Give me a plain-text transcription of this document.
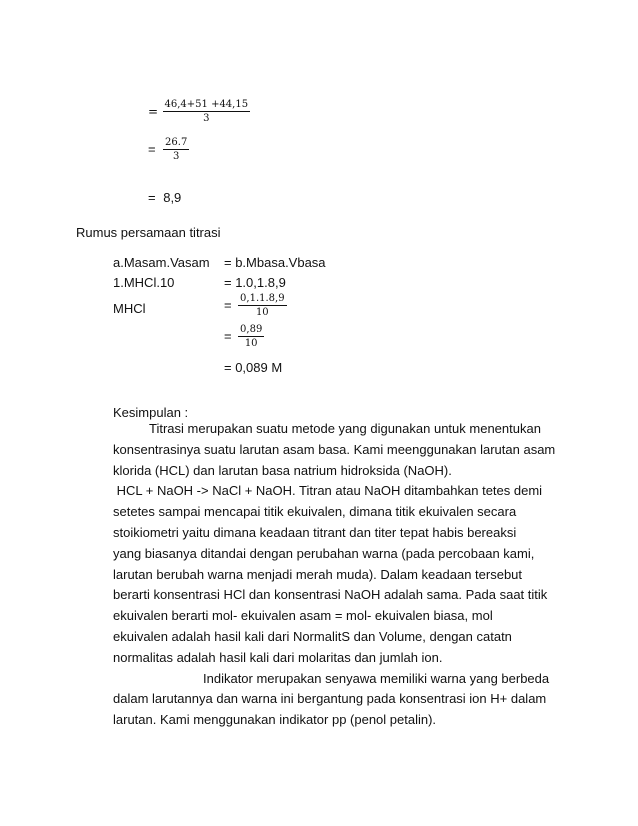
= $\frac{46,4+51 +44,15}{3}$
= $\frac{26.7}{3}$
= 8,9
Rumus persamaan titrasi
a.Masam.Vasam = b.Mbasa.Vbasa
1.MHCl.10	= 1.0,1.8,9
MHCl	= $\frac{0,1.1.8,9}{10}$
= $\frac{0,89}{10}$
= 0,089 M
Kesimpulan :
Titrasi merupakan suatu metode yang digunakan untuk menentukan
konsentrasinya suatu larutan asam basa. Kami meenggunakan larutan asam
klorida (HCL) dan larutan basa natrium hidroksida (NaOH).
HCL + NaOH -> NaCl + NaOH. Titran atau NaOH ditambahkan tetes demi
setetes sampai mencapai titik ekuivalen, dimana titik ekuivalen secara
stoikiometri yaitu dimana keadaan titrant dan titer tepat habis bereaksi
yang biasanya ditandai dengan perubahan warna (pada percobaan kami,
larutan berubah warna menjadi merah muda). Dalam keadaan tersebut
berarti konsentrasi HCl dan konsentrasi NaOH adalah sama. Pada saat titik
ekuivalen berarti mol- ekuivalen asam = mol- ekuivalen biasa, mol
ekuivalen adalah hasil kali dari NormalitS dan Volume, dengan catatn
normalitas adalah hasil kali dari molaritas dan jumlah ion.
Indikator merupakan senyawa memiliki warna yang berbeda
dalam larutannya dan warna ini bergantung pada konsentrasi ion H+ dalam
larutan. Kami menggunakan indikator pp (penol petalin).
